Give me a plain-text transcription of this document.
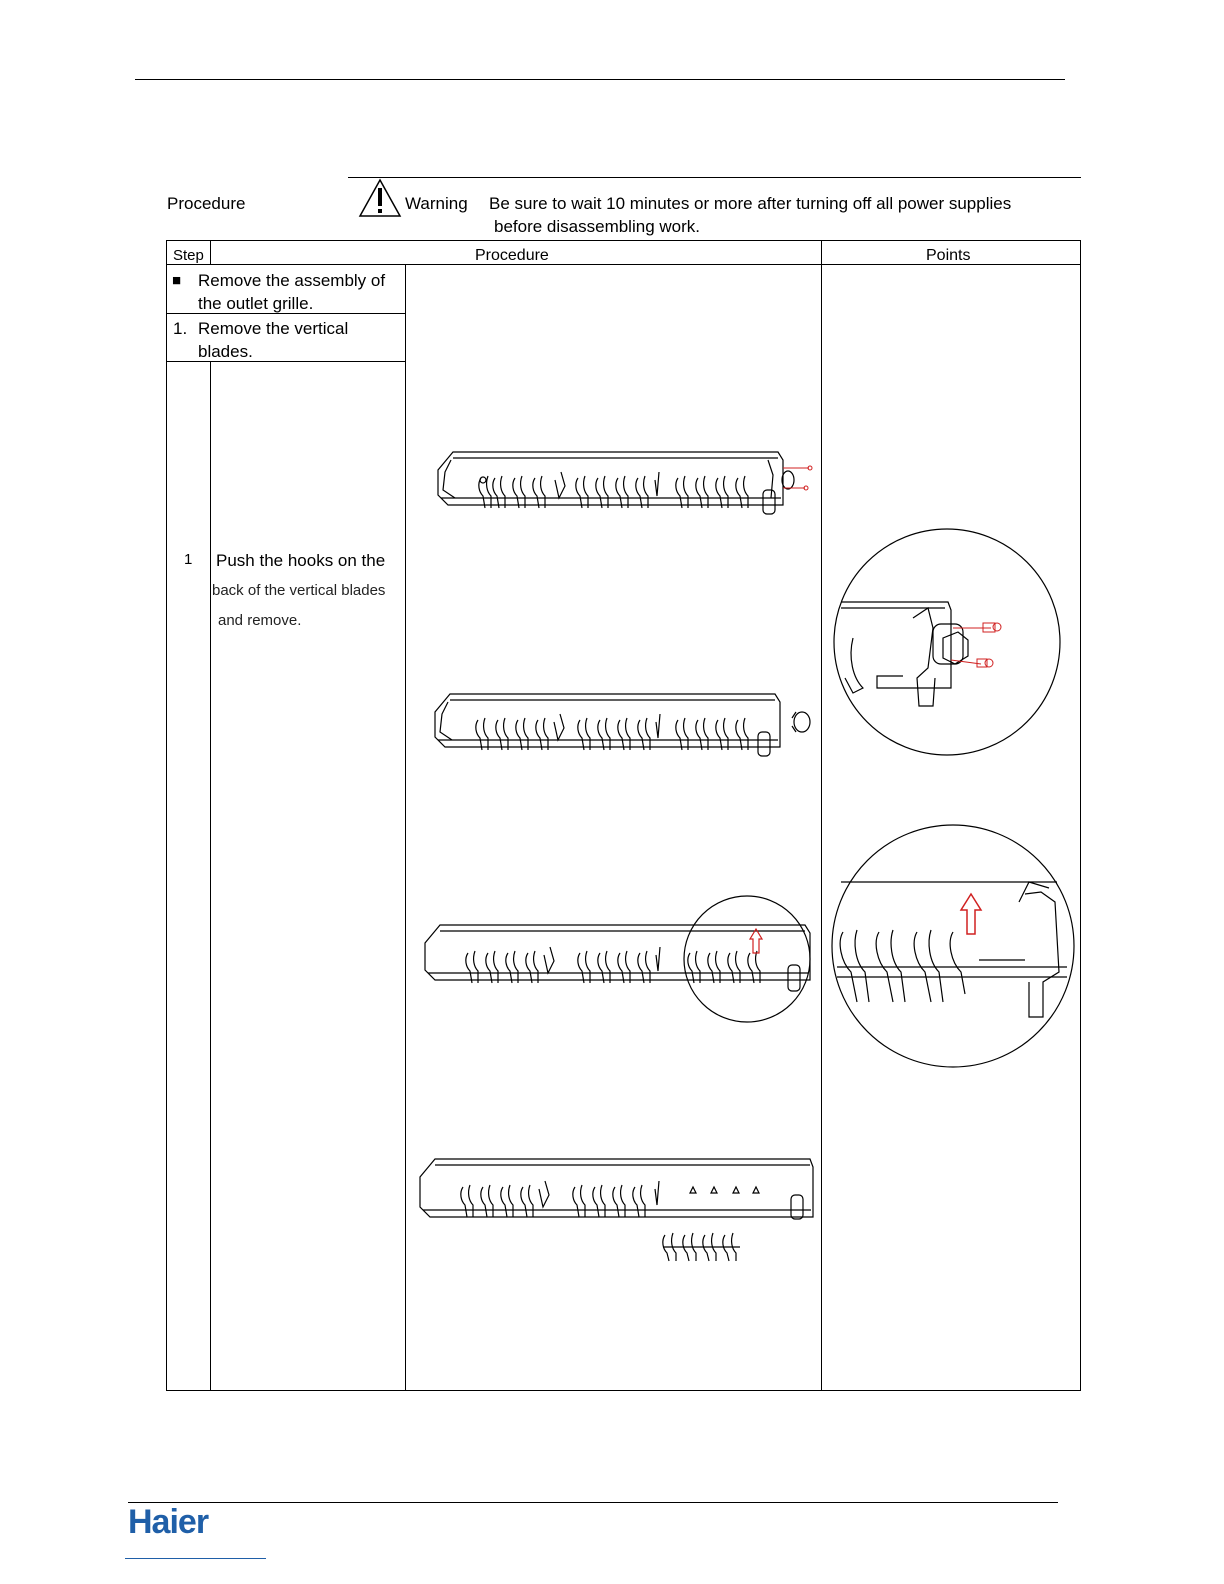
Procedure	Warning Be sure to wait 10 minutes or more after turning off all power supplies
before disassembling work.
Step	Procedure	Points
■ Remove the assembly of
the outlet grille.
1. Remove the vertical
blades.
1 Push the hooks on the
back of the vertical blades
and remove.
Haier
